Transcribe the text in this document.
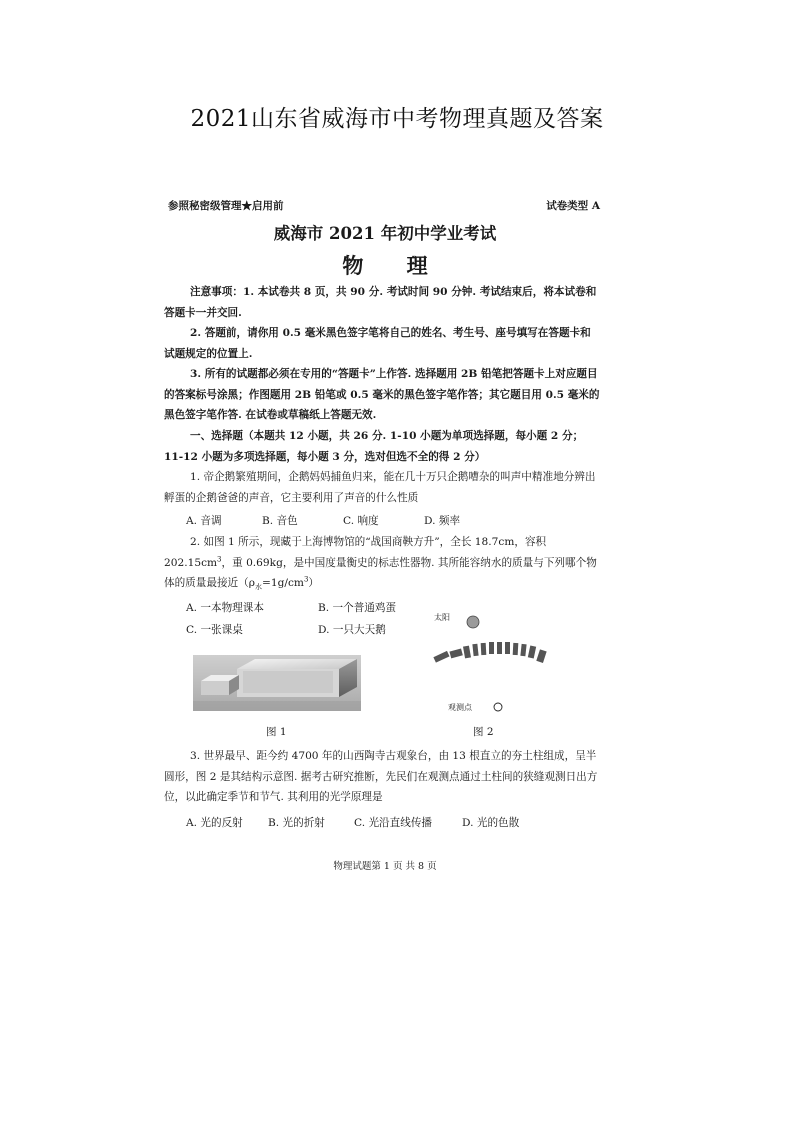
2021山东省威海市中考物理真题及答案
参照秘密级管理★启用前	试卷类型 A
威海市 2021 年初中学业考试
物 理
注意事项：1. 本试卷共 8 页，共 90 分. 考试时间 90 分钟. 考试结束后，将本试卷和答题卡一并交回.
2. 答题前，请你用 0.5 毫米黑色签字笔将自己的姓名、考生号、座号填写在答题卡和试题规定的位置上.
3. 所有的试题都必须在专用的“答题卡”上作答. 选择题用 2B 铅笔把答题卡上对应题目的答案标号涂黑；作图题用 2B 铅笔或 0.5 毫米的黑色签字笔作答；其它题目用 0.5 毫米的黑色签字笔作答. 在试卷或草稿纸上答题无效.
一、选择题（本题共 12 小题，共 26 分. 1-10 小题为单项选择题，每小题 2 分；11-12 小题为多项选择题，每小题 3 分，选对但选不全的得 2 分）
1. 帝企鹅繁殖期间，企鹅妈妈捕鱼归来，能在几十万只企鹅嘈杂的叫声中精准地分辨出孵蛋的企鹅爸爸的声音，它主要利用了声音的什么性质
A. 音调	B. 音色	C. 响度	D. 频率
2. 如图 1 所示，现藏于上海博物馆的“战国商鞅方升”，全长 18.7cm，容积 $202.15cm^3$，重 0.69kg，是中国度量衡史的标志性器物. 其所能容纳水的质量与下列哪个物体的质量最接近$(\rho_水=1g/cm^3)$
A. 一本物理课本	B. 一个普通鸡蛋
C. 一张课桌	D. 一只大天鹅
太阳
观测点
图 1	图 2
3. 世界最早、距今约 4700 年的山西陶寺古观象台，由 13 根直立的夯土柱组成，呈半圆形，图 2 是其结构示意图. 据考古研究推断，先民们在观测点通过土柱间的狭缝观测日出方位，以此确定季节和节气. 其利用的光学原理是
A. 光的反射 B. 光的折射	C. 光沿直线传播	D. 光的色散
物理试题第 1 页 共 8 页
